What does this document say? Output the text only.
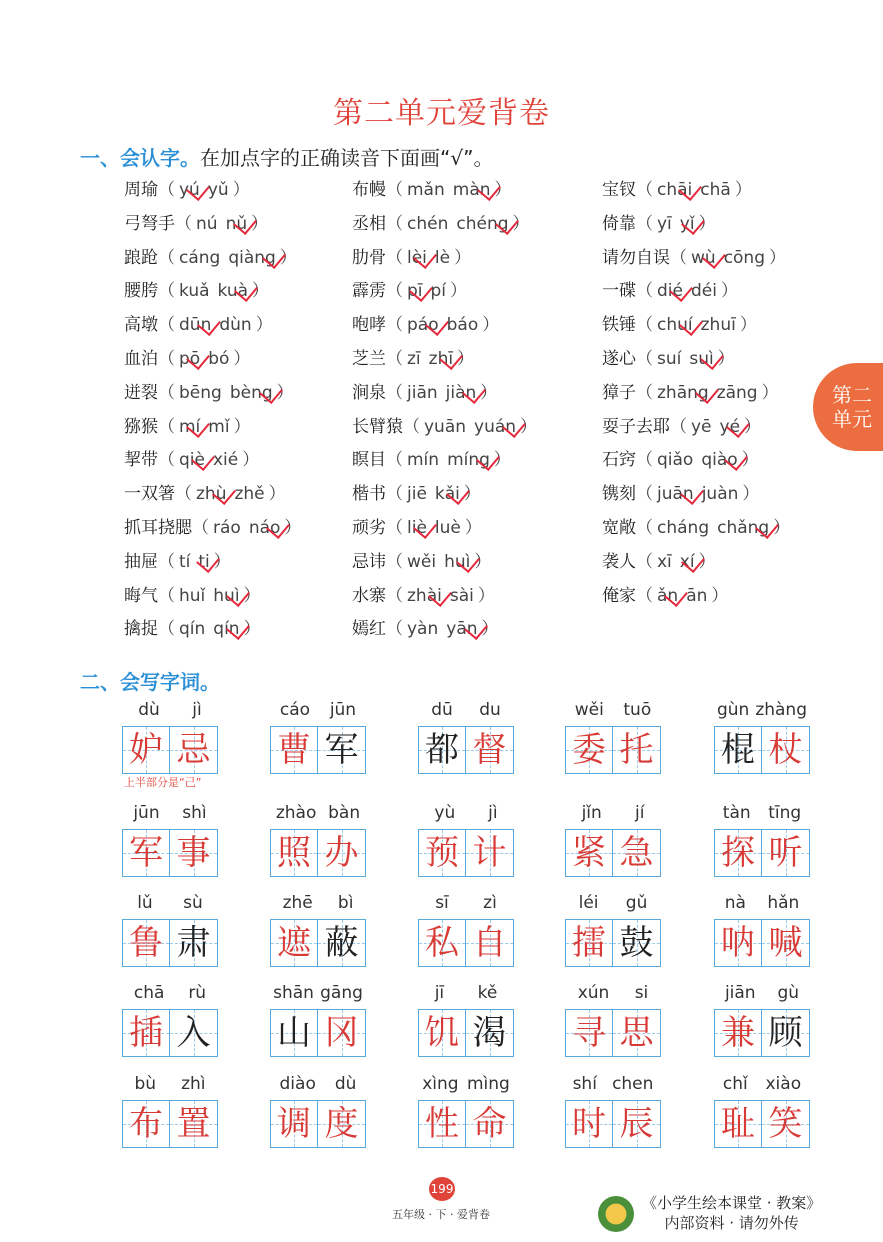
第二单元爱背卷
第二
单元
一、会认字。在加点字的正确读音下面画“√”。
周瑜（ yú yǔ ）
弓弩手（ nú nǔ ）
踉跄（ cáng qiàng ）
腰胯（ kuǎ kuà ）
高墩（ dūn dùn ）
血泊（ pō bó ）
迸裂（ bēng bèng ）
猕猴（ mí mǐ ）
挈带（ qiè xié ）
一双箸（ zhù zhě ）
抓耳挠腮（ ráo náo ）
抽屉（ tí ti ）
晦气（ huǐ huì ）
擒捉（ qín qín ）
布幔（ mǎn màn ）
丞相（ chén chéng ）
肋骨（ lèi lè ）
霹雳（ pī pí ）
咆哮（ páo báo ）
芝兰（ zī zhī ）
涧泉（ jiān jiàn ）
长臂猿（ yuān yuán ）
瞑目（ mín míng ）
楷书（ jiē kǎi ）
顽劣（ liè luè ）
忌讳（ wěi huì ）
水寨（ zhài sài ）
嫣红（ yàn yān ）
宝钗（ chāi chā ）
倚靠（ yī yǐ ）
请勿自误（ wù cōng ）
一碟（ dié déi ）
铁锤（ chuí zhuī ）
遂心（ suí suì ）
獐子（ zhāng zāng ）
耍子去耶（ yē yé ）
石窍（ qiǎo qiào ）
镌刻（ juān juàn ）
宽敞（ cháng chǎng ）
袭人（ xī xí ）
俺家（ ǎn ān ）
二、会写字词。
dù jì
妒 忌
cáo jūn
曹 军
dū du
都 督
wěi tuō
委 托
gùn zhàng
棍 杖
jūn shì
军 事
zhào bàn
照 办
yù jì
预 计
jǐn jí
紧 急
tàn tīng
探 听
lǔ sù
鲁 肃
zhē bì
遮 蔽
sī zì
私 自
léi gǔ
擂 鼓
nà hǎn
呐 喊
chā rù
插 入
shān gāng
山 冈
jī kě
饥 渴
xún si
寻 思
jiān gù
兼 顾
bù zhì
布 置
diào dù
调 度
xìng mìng
性 命
shí chen
时 辰
chǐ xiào
耻 笑
上半部分是“己”
199
五年级 · 下 · 爱背卷
《小学生绘本课堂 · 教案》
内部资料 · 请勿外传
